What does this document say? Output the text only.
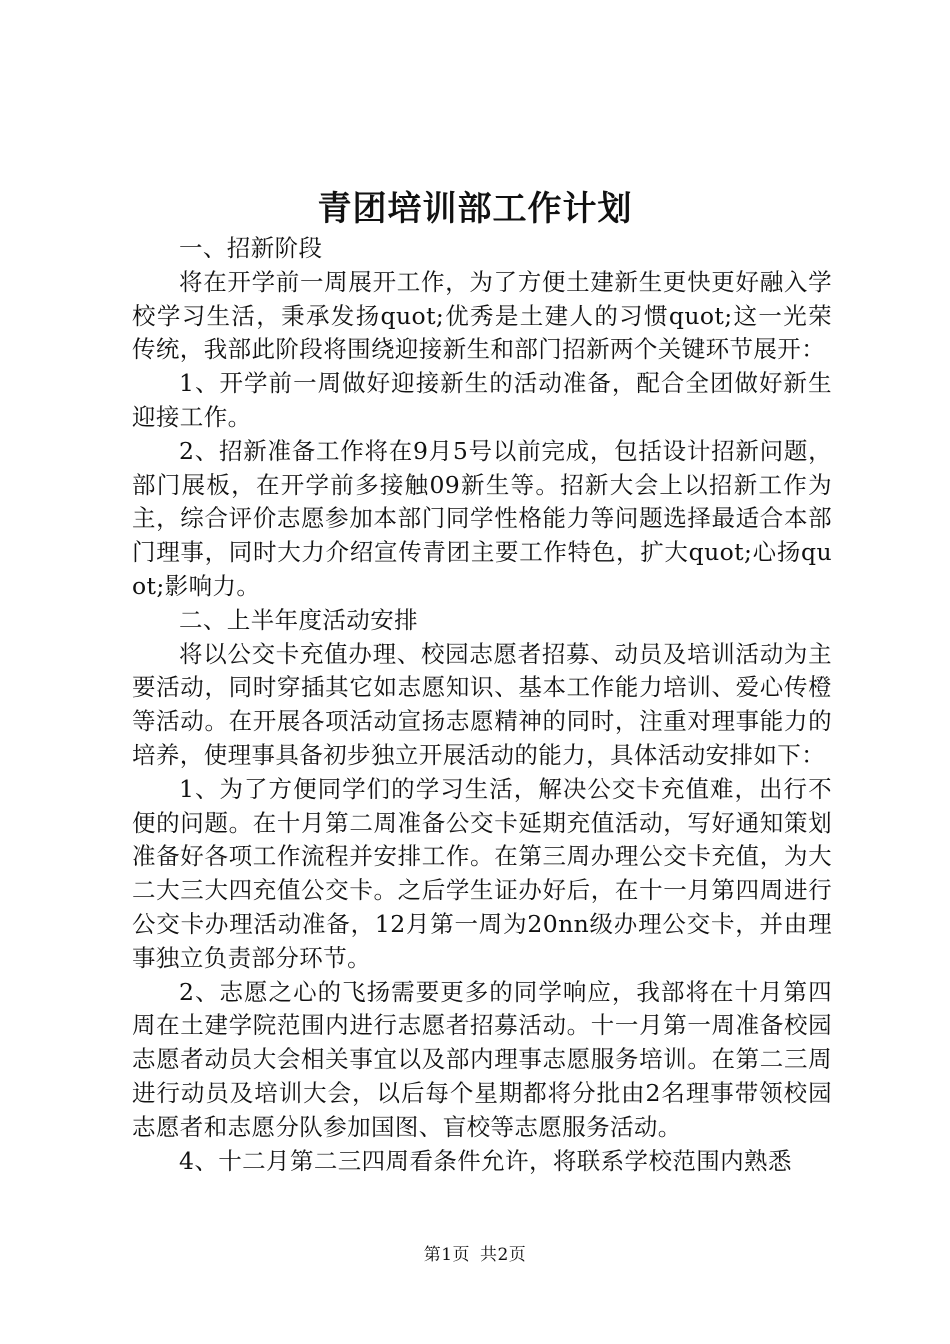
青团培训部工作计划

一、招新阶段

将在开学前一周展开工作，为了方便土建新生更快更好融入学校学习生活，秉承发扬quot;优秀是土建人的习惯quot;这一光荣传统，我部此阶段将围绕迎接新生和部门招新两个关键环节展开：

1、开学前一周做好迎接新生的活动准备，配合全团做好新生迎接工作。

2、招新准备工作将在9月5号以前完成，包括设计招新问题，部门展板，在开学前多接触09新生等。招新大会上以招新工作为主，综合评价志愿参加本部门同学性格能力等问题选择最适合本部门理事，同时大力介绍宣传青团主要工作特色，扩大quot;心扬quot;影响力。

二、上半年度活动安排

将以公交卡充值办理、校园志愿者招募、动员及培训活动为主要活动，同时穿插其它如志愿知识、基本工作能力培训、爱心传橙等活动。在开展各项活动宣扬志愿精神的同时，注重对理事能力的培养，使理事具备初步独立开展活动的能力，具体活动安排如下：

1、为了方便同学们的学习生活，解决公交卡充值难，出行不便的问题。在十月第二周准备公交卡延期充值活动，写好通知策划准备好各项工作流程并安排工作。在第三周办理公交卡充值，为大二大三大四充值公交卡。之后学生证办好后，在十一月第四周进行公交卡办理活动准备，12月第一周为20nn级办理公交卡，并由理事独立负责部分环节。

2、志愿之心的飞扬需要更多的同学响应，我部将在十月第四周在土建学院范围内进行志愿者招募活动。十一月第一周准备校园志愿者动员大会相关事宜以及部内理事志愿服务培训。在第二三周进行动员及培训大会，以后每个星期都将分批由2名理事带领校园志愿者和志愿分队参加国图、盲校等志愿服务活动。

4、十二月第二三四周看条件允许，将联系学校范围内熟悉

第1页 共2页
